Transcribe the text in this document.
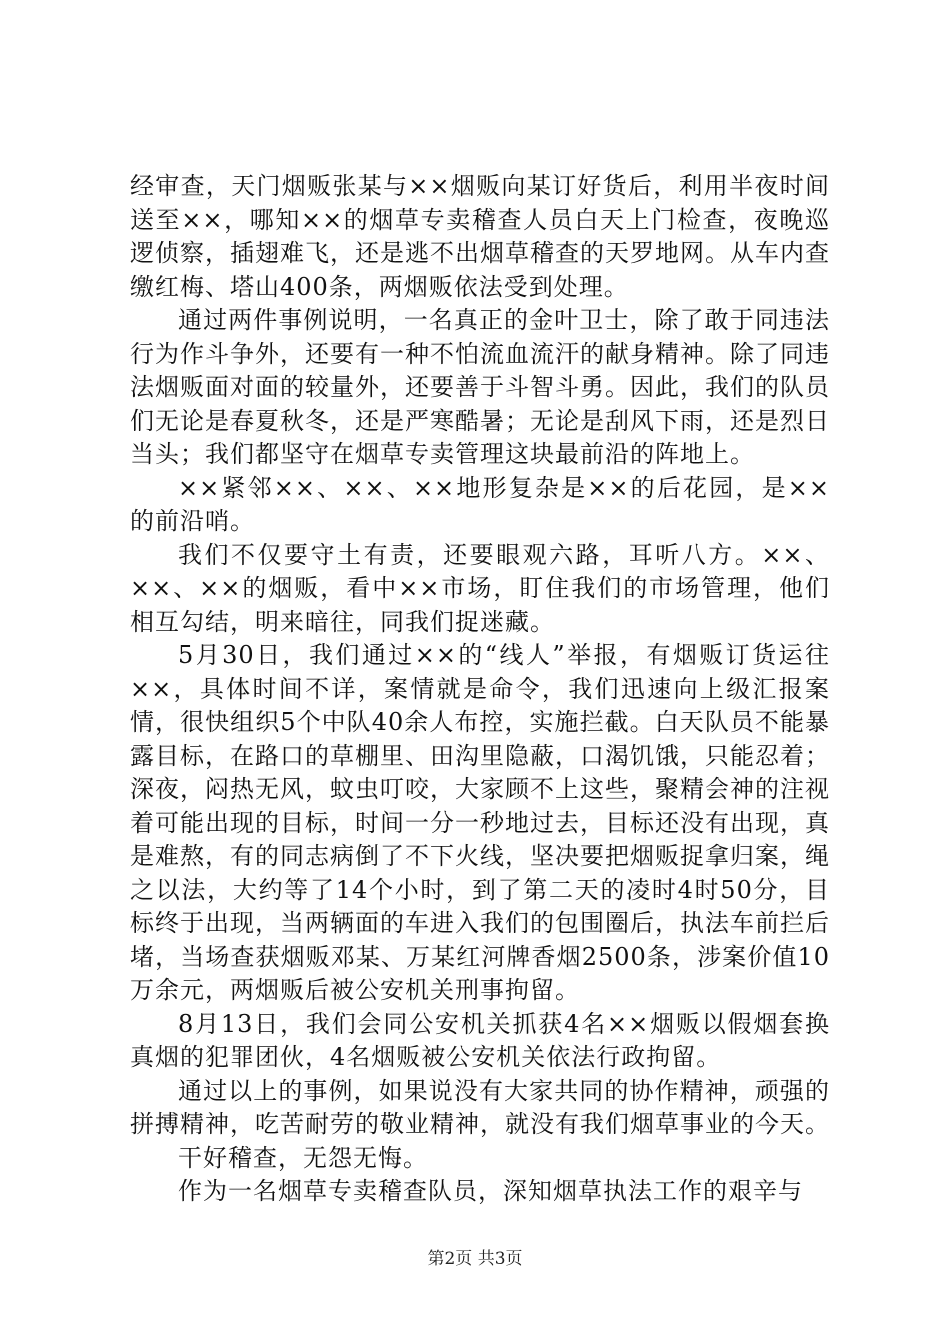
经审查，天门烟贩张某与××烟贩向某订好货后，利用半夜时间送至××，哪知××的烟草专卖稽查人员白天上门检查，夜晚巡逻侦察，插翅难飞，还是逃不出烟草稽查的天罗地网。从车内查缴红梅、塔山400条，两烟贩依法受到处理。

通过两件事例说明，一名真正的金叶卫士，除了敢于同违法行为作斗争外，还要有一种不怕流血流汗的献身精神。除了同违法烟贩面对面的较量外，还要善于斗智斗勇。因此，我们的队员们无论是春夏秋冬，还是严寒酷暑；无论是刮风下雨，还是烈日当头；我们都坚守在烟草专卖管理这块最前沿的阵地上。

××紧邻××、××、××地形复杂是××的后花园，是××的前沿哨。

我们不仅要守土有责，还要眼观六路，耳听八方。××、××、××的烟贩，看中××市场，盯住我们的市场管理，他们相互勾结，明来暗往，同我们捉迷藏。

5月30日，我们通过××的“线人”举报，有烟贩订货运往××，具体时间不详，案情就是命令，我们迅速向上级汇报案情，很快组织5个中队40余人布控，实施拦截。白天队员不能暴露目标，在路口的草棚里、田沟里隐蔽，口渴饥饿，只能忍着；深夜，闷热无风，蚊虫叮咬，大家顾不上这些，聚精会神的注视着可能出现的目标，时间一分一秒地过去，目标还没有出现，真是难熬，有的同志病倒了不下火线，坚决要把烟贩捉拿归案，绳之以法，大约等了14个小时，到了第二天的凌时4时50分，目标终于出现，当两辆面的车进入我们的包围圈后，执法车前拦后堵，当场查获烟贩邓某、万某红河牌香烟2500条，涉案价值10万余元，两烟贩后被公安机关刑事拘留。

8月13日，我们会同公安机关抓获4名××烟贩以假烟套换真烟的犯罪团伙，4名烟贩被公安机关依法行政拘留。

通过以上的事例，如果说没有大家共同的协作精神，顽强的拼搏精神，吃苦耐劳的敬业精神，就没有我们烟草事业的今天。

干好稽查，无怨无悔。

作为一名烟草专卖稽查队员，深知烟草执法工作的艰辛与

第2页 共3页
